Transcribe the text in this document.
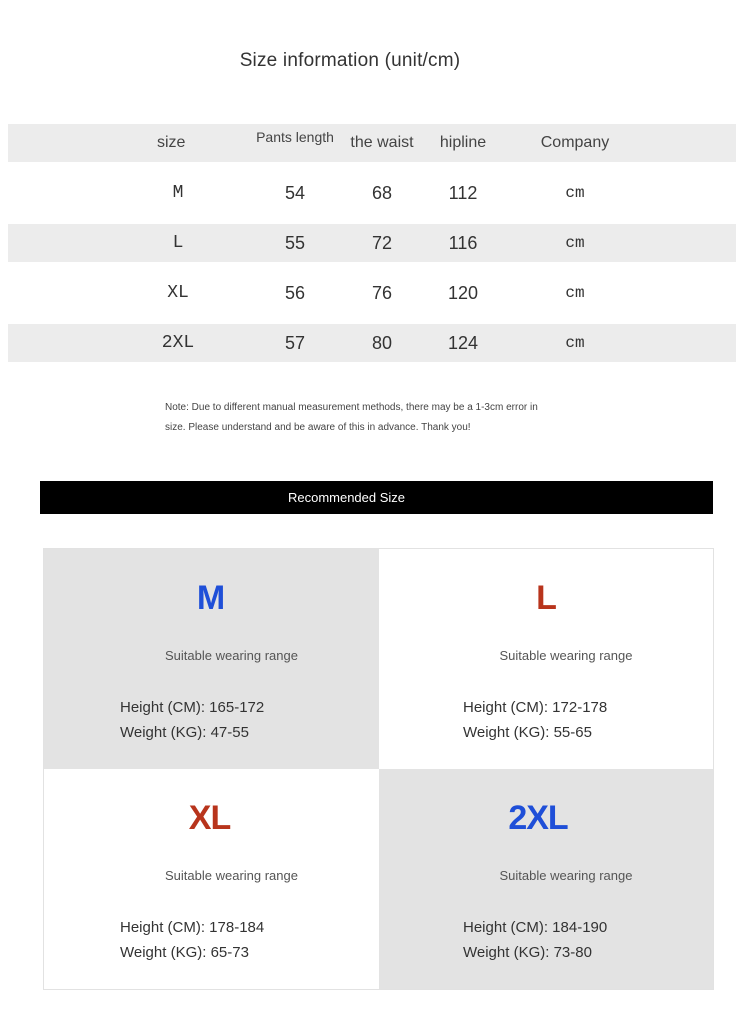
Size information (unit/cm)
size	Pants length	the waist	hipline	Company
M	54	68	112	cm
L	55	72	116	cm
XL	56	76	120	cm
2XL	57	80	124	cm
Note: Due to different manual measurement methods, there may be a 1-3cm error in
size. Please understand and be aware of this in advance. Thank you!
Recommended Size
M
Suitable wearing range
Height (CM): 165-172
Weight (KG): 47-55
L
Suitable wearing range
Height (CM): 172-178
Weight (KG): 55-65
XL
Suitable wearing range
Height (CM): 178-184
Weight (KG): 65-73
2XL
Suitable wearing range
Height (CM): 184-190
Weight (KG): 73-80
